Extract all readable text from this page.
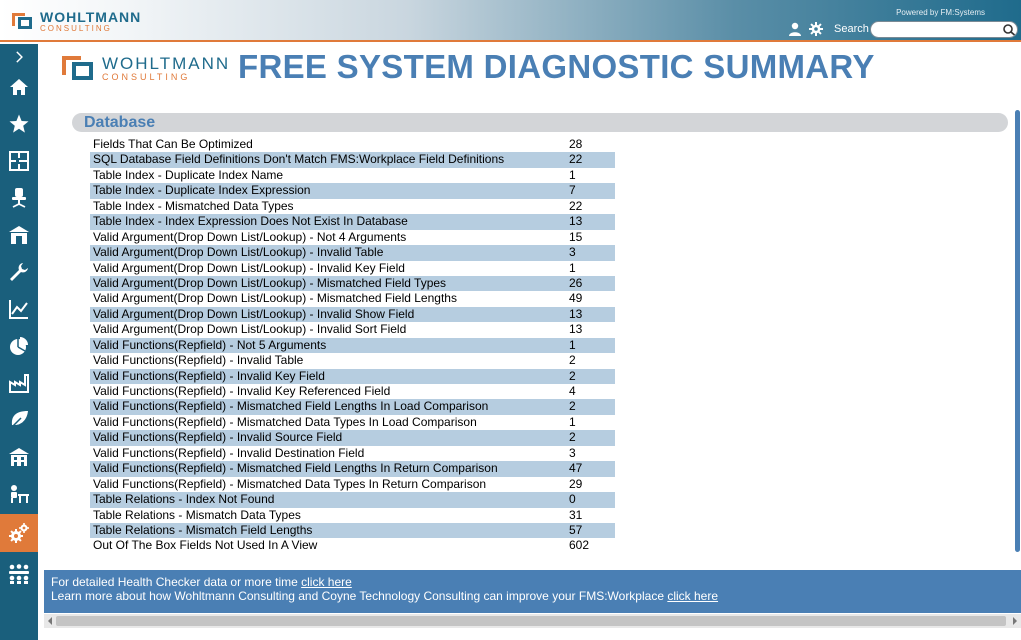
WOHLTMANN
CONSULTING
Powered by FM:Systems
Search
WOHLTMANN
CONSULTING	FREE SYSTEM DIAGNOSTIC SUMMARY
Database
Fields That Can Be Optimized	28
SQL Database Field Definitions Don't Match FMS:Workplace Field Definitions	22
Table Index - Duplicate Index Name	1
Table Index - Duplicate Index Expression	7
Table Index - Mismatched Data Types	22
Table Index - Index Expression Does Not Exist In Database	13
Valid Argument(Drop Down List/Lookup) - Not 4 Arguments	15
Valid Argument(Drop Down List/Lookup) - Invalid Table	3
Valid Argument(Drop Down List/Lookup) - Invalid Key Field	1
Valid Argument(Drop Down List/Lookup) - Mismatched Field Types	26
Valid Argument(Drop Down List/Lookup) - Mismatched Field Lengths	49
Valid Argument(Drop Down List/Lookup) - Invalid Show Field	13
Valid Argument(Drop Down List/Lookup) - Invalid Sort Field	13
Valid Functions(Repfield) - Not 5 Arguments	1
Valid Functions(Repfield) - Invalid Table	2
Valid Functions(Repfield) - Invalid Key Field	2
Valid Functions(Repfield) - Invalid Key Referenced Field	4
Valid Functions(Repfield) - Mismatched Field Lengths In Load Comparison	2
Valid Functions(Repfield) - Mismatched Data Types In Load Comparison	1
Valid Functions(Repfield) - Invalid Source Field	2
Valid Functions(Repfield) - Invalid Destination Field	3
Valid Functions(Repfield) - Mismatched Field Lengths In Return Comparison	47
Valid Functions(Repfield) - Mismatched Data Types In Return Comparison	29
Table Relations - Index Not Found	0
Table Relations - Mismatch Data Types	31
Table Relations - Mismatch Field Lengths	57
Out Of The Box Fields Not Used In A View	602
For detailed Health Checker data or more time click here
Learn more about how Wohltmann Consulting and Coyne Technology Consulting can improve your FMS:Workplace click here
